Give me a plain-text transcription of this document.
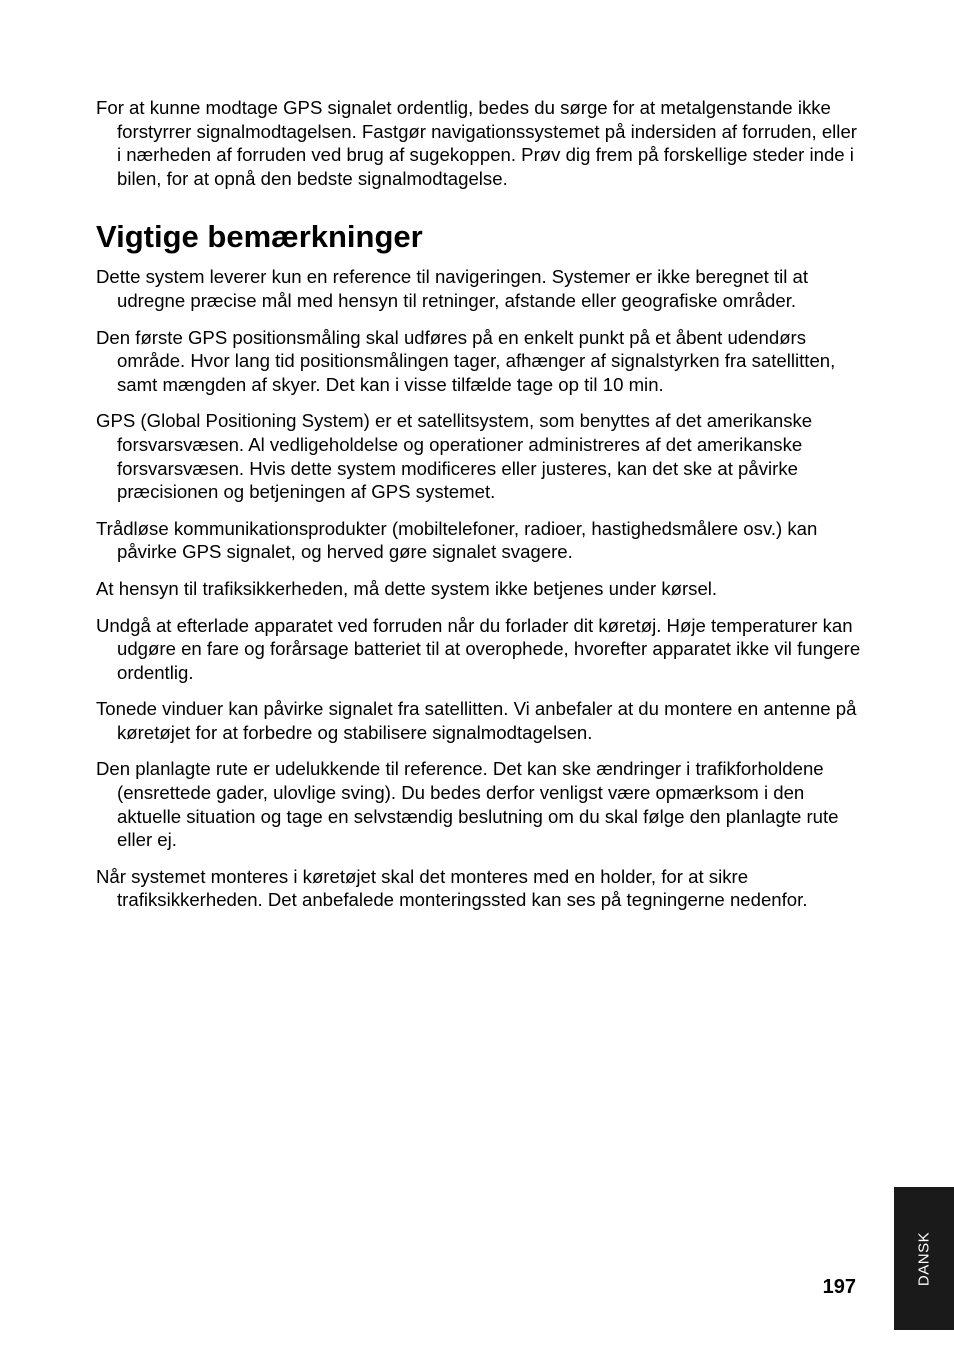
For at kunne modtage GPS signalet ordentlig, bedes du sørge for at metalgenstande ikke forstyrrer signalmodtagelsen. Fastgør navigationssystemet på indersiden af forruden, eller i nærheden af forruden ved brug af sugekoppen. Prøv dig frem på forskellige steder inde i bilen, for at opnå den bedste signalmodtagelse.

Vigtige bemærkninger

Dette system leverer kun en reference til navigeringen. Systemer er ikke beregnet til at udregne præcise mål med hensyn til retninger, afstande eller geografiske områder.

Den første GPS positionsmåling skal udføres på en enkelt punkt på et åbent udendørs område. Hvor lang tid positionsmålingen tager, afhænger af signalstyrken fra satellitten, samt mængden af skyer. Det kan i visse tilfælde tage op til 10 min.

GPS (Global Positioning System) er et satellitsystem, som benyttes af det amerikanske forsvarsvæsen. Al vedligeholdelse og operationer administreres af det amerikanske forsvarsvæsen. Hvis dette system modificeres eller justeres, kan det ske at påvirke præcisionen og betjeningen af GPS systemet.

Trådløse kommunikationsprodukter (mobiltelefoner, radioer, hastighedsmålere osv.) kan påvirke GPS signalet, og herved gøre signalet svagere.

At hensyn til trafiksikkerheden, må dette system ikke betjenes under kørsel.

Undgå at efterlade apparatet ved forruden når du forlader dit køretøj. Høje temperaturer kan udgøre en fare og forårsage batteriet til at overophede, hvorefter apparatet ikke vil fungere ordentlig.

Tonede vinduer kan påvirke signalet fra satellitten. Vi anbefaler at du montere en antenne på køretøjet for at forbedre og stabilisere signalmodtagelsen.

Den planlagte rute er udelukkende til reference. Det kan ske ændringer i trafikforholdene (ensrettede gader, ulovlige sving). Du bedes derfor venligst være opmærksom i den aktuelle situation og tage en selvstændig beslutning om du skal følge den planlagte rute eller ej.

Når systemet monteres i køretøjet skal det monteres med en holder, for at sikre trafiksikkerheden. Det anbefalede monteringssted kan ses på tegningerne nedenfor.

197
DANSK
